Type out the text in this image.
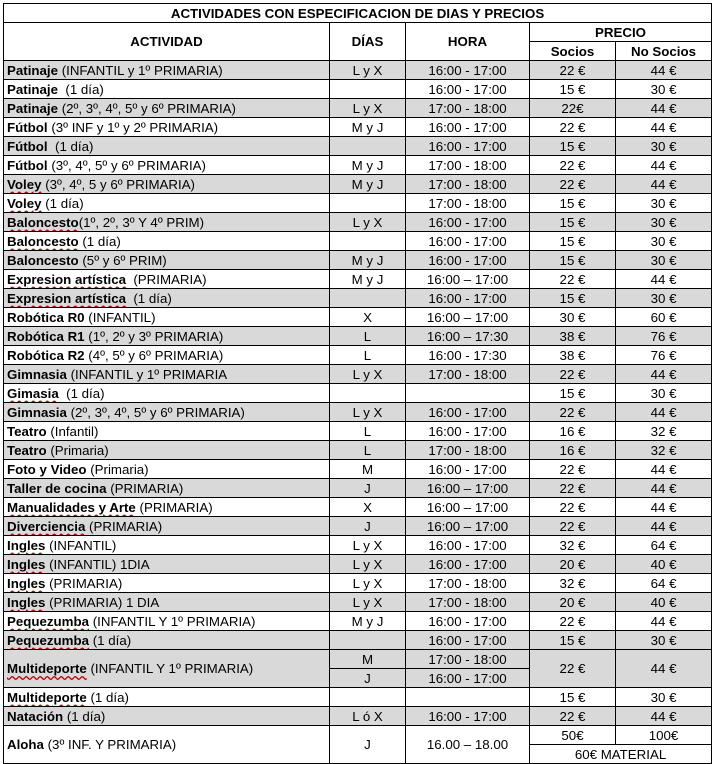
ACTIVIDADES CON ESPECIFICACION DE DIAS Y PRECIOS				
ACTIVIDAD	DÍAS	HORA	PRECIO	
			Socios	No Socios
Patinaje (INFANTIL y 1º PRIMARIA)	L y X	16:00 - 17:00	22 €	44 €
Patinaje  (1 día)		16:00 - 17:00	15 €	30 €
Patinaje (2º, 3º, 4º, 5º y 6º PRIMARIA)	L y X	17:00 - 18:00	22€	44 €
Fútbol (3º INF y 1º y 2º PRIMARIA)	M y J	16:00 - 17:00	22 €	44 €
Fútbol  (1 día)		16:00 - 17:00	15 €	30 €
Fútbol (3º, 4º, 5º y 6º PRIMARIA)	M y J	17:00 - 18:00	22 €	44 €
Voley (3º, 4º, 5 y 6º PRIMARIA)	M y J	17:00 - 18:00	22 €	44 €
Voley (1 día)		17:00 - 18:00	15 €	30 €
Baloncesto(1º, 2º, 3º Y 4º PRIM)	L y X	16:00 - 17:00	15 €	30 €
Baloncesto (1 día)		16:00 - 17:00	15 €	30 €
Baloncesto (5º y 6º PRIM)	M y J	16:00 - 17:00	15 €	30 €
Expresion artística  (PRIMARIA)	M y J	16:00 – 17:00	22 €	44 €
Expresion artística  (1 día)		16:00 - 17:00	15 €	30 €
Robótica R0 (INFANTIL)	X	16:00 – 17:00	30 €	60 €
Robótica R1 (1º, 2º y 3º PRIMARIA)	L	16:00 – 17:30	38 €	76 €
Robótica R2 (4º, 5º y 6º PRIMARIA)	L	16:00 - 17:30	38 €	76 €
Gimnasia (INFANTIL y 1º PRIMARIA	L y X	17:00 - 18:00	22 €	44 €
Gimasia  (1 día)			15 €	30 €
Gimnasia (2º, 3º, 4º, 5º y 6º PRIMARIA)	L y X	16:00 - 17:00	22 €	44 €
Teatro (Infantil)	L	16:00 - 17:00	16 €	32 €
Teatro (Primaria)	L	17:00 - 18:00	16 €	32 €
Foto y Video (Primaria)	M	16:00 - 17:00	22 €	44 €
Taller de cocina (PRIMARIA)	J	16:00 – 17:00	22 €	44 €
Manualidades y Arte (PRIMARIA)	X	16:00 – 17:00	22 €	44 €
Diverciencia (PRIMARIA)	J	16:00 – 17:00	22 €	44 €
Ingles (INFANTIL)	L y X	16:00 - 17:00	32 €	64 €
Ingles (INFANTIL) 1DIA	L y X	16:00 - 17:00	20 €	40 €
Ingles (PRIMARIA)	L y X	17:00 - 18:00	32 €	64 €
Ingles (PRIMARIA) 1 DIA	L y X	17:00 - 18:00	20 €	40 €
Pequezumba (INFANTIL Y 1º PRIMARIA)	M y J	16:00 - 17:00	22 €	44 €
Pequezumba (1 día)		16:00 - 17:00	15 €	30 €
Multideporte (INFANTIL Y 1º PRIMARIA)	M	17:00 - 18:00	22 €	44 €
	J	16:00 - 17:00		
Multideporte (1 día)			15 €	30 €
Natación (1 día)	L ó X	16:00 - 17:00	22 €	44 €
Aloha (3º INF. Y PRIMARIA)	J	16.00 – 18.00	50€	100€
			60€ MATERIAL	
